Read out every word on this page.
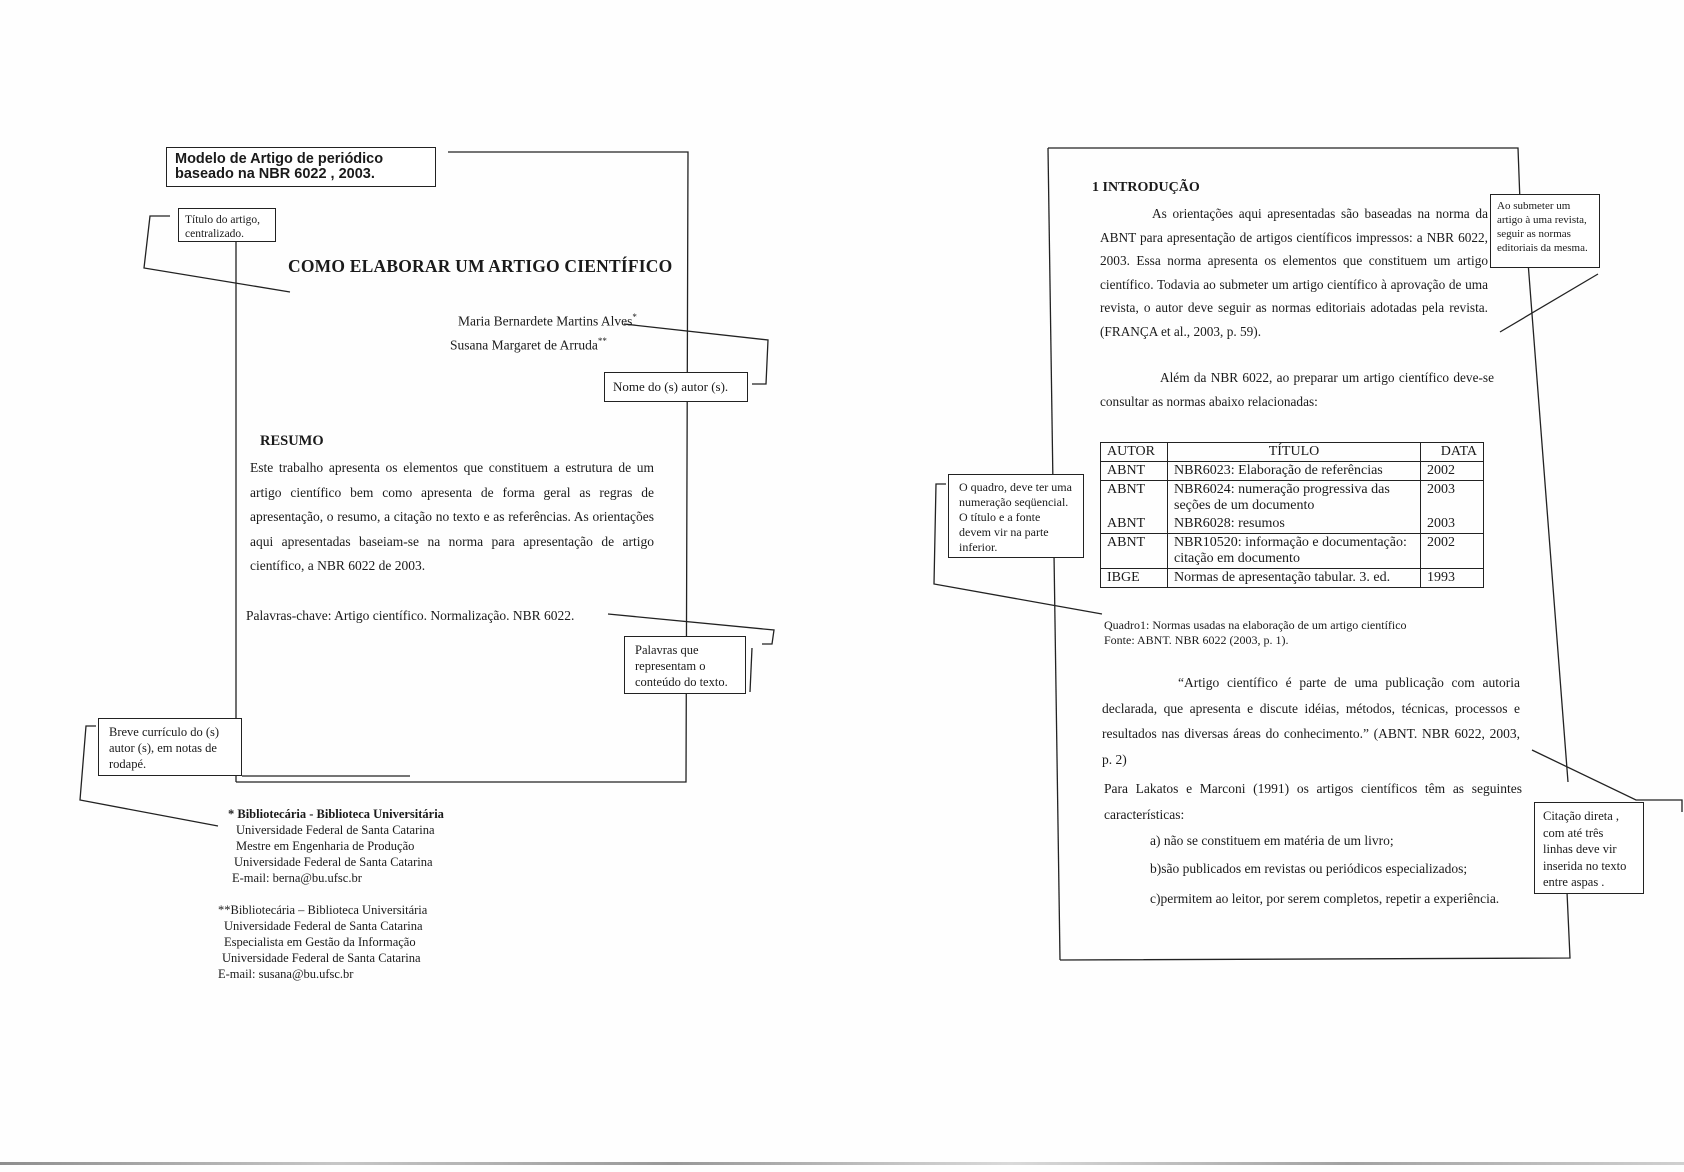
Modelo de Artigo de periódico baseado na NBR 6022 , 2003.
Título do artigo, centralizado.
COMO ELABORAR UM ARTIGO CIENTÍFICO
Maria Bernardete Martins Alves*
Susana Margaret de Arruda**
Nome do (s) autor (s).
RESUMO
Este trabalho apresenta os elementos que constituem a estrutura de um artigo científico bem como apresenta de forma geral as regras de apresentação, o resumo, a citação no texto e as referências. As orientações aqui apresentadas baseiam-se na norma para apresentação de artigo científico, a NBR 6022 de 2003.
Palavras-chave: Artigo científico. Normalização. NBR 6022.
Palavras que representam o conteúdo do texto.
Breve currículo do (s) autor (s), em notas de rodapé.
* Bibliotecária - Biblioteca Universitária
Universidade Federal de Santa Catarina
Mestre em Engenharia de Produção
Universidade Federal de Santa Catarina
E-mail: berna@bu.ufsc.br
**Bibliotecária – Biblioteca Universitária
Universidade Federal de Santa Catarina
Especialista em Gestão da Informação
Universidade Federal de Santa Catarina
E-mail: susana@bu.ufsc.br
1 INTRODUÇÃO
As orientações aqui apresentadas são baseadas na norma da ABNT para apresentação de artigos científicos impressos: a NBR 6022, 2003. Essa norma apresenta os elementos que constituem um artigo científico. Todavia ao submeter um artigo científico à aprovação de uma revista, o autor deve seguir as normas editoriais adotadas pela revista. (FRANÇA et al., 2003, p. 59).
Ao submeter um artigo à uma revista, seguir as normas editoriais da mesma.
Além da NBR 6022, ao preparar um artigo científico deve-se consultar as normas abaixo relacionadas:
AUTOR	TÍTULO	DATA
ABNT	NBR6023: Elaboração de referências	2002
ABNT	NBR6024: numeração progressiva das seções de um documento	2003
ABNT	NBR6028: resumos	2003
ABNT	NBR10520: informação e documentação: citação em documento	2002
IBGE	Normas de apresentação tabular. 3. ed.	1993
Quadro1: Normas usadas na elaboração de um artigo científico
Fonte: ABNT. NBR 6022 (2003, p. 1).
O quadro, deve ter uma numeração seqüencial. O título e a fonte devem vir na parte inferior.
“Artigo científico é parte de uma publicação com autoria declarada, que apresenta e discute idéias, métodos, técnicas, processos e resultados nas diversas áreas do conhecimento.” (ABNT. NBR 6022, 2003, p. 2)
Citação direta , com até três linhas deve vir inserida no texto entre aspas .
Para Lakatos e Marconi (1991) os artigos científicos têm as seguintes características:
a) não se constituem em matéria de um livro;
b)são publicados em revistas ou periódicos especializados;
c)permitem ao leitor, por serem completos, repetir a experiência.
